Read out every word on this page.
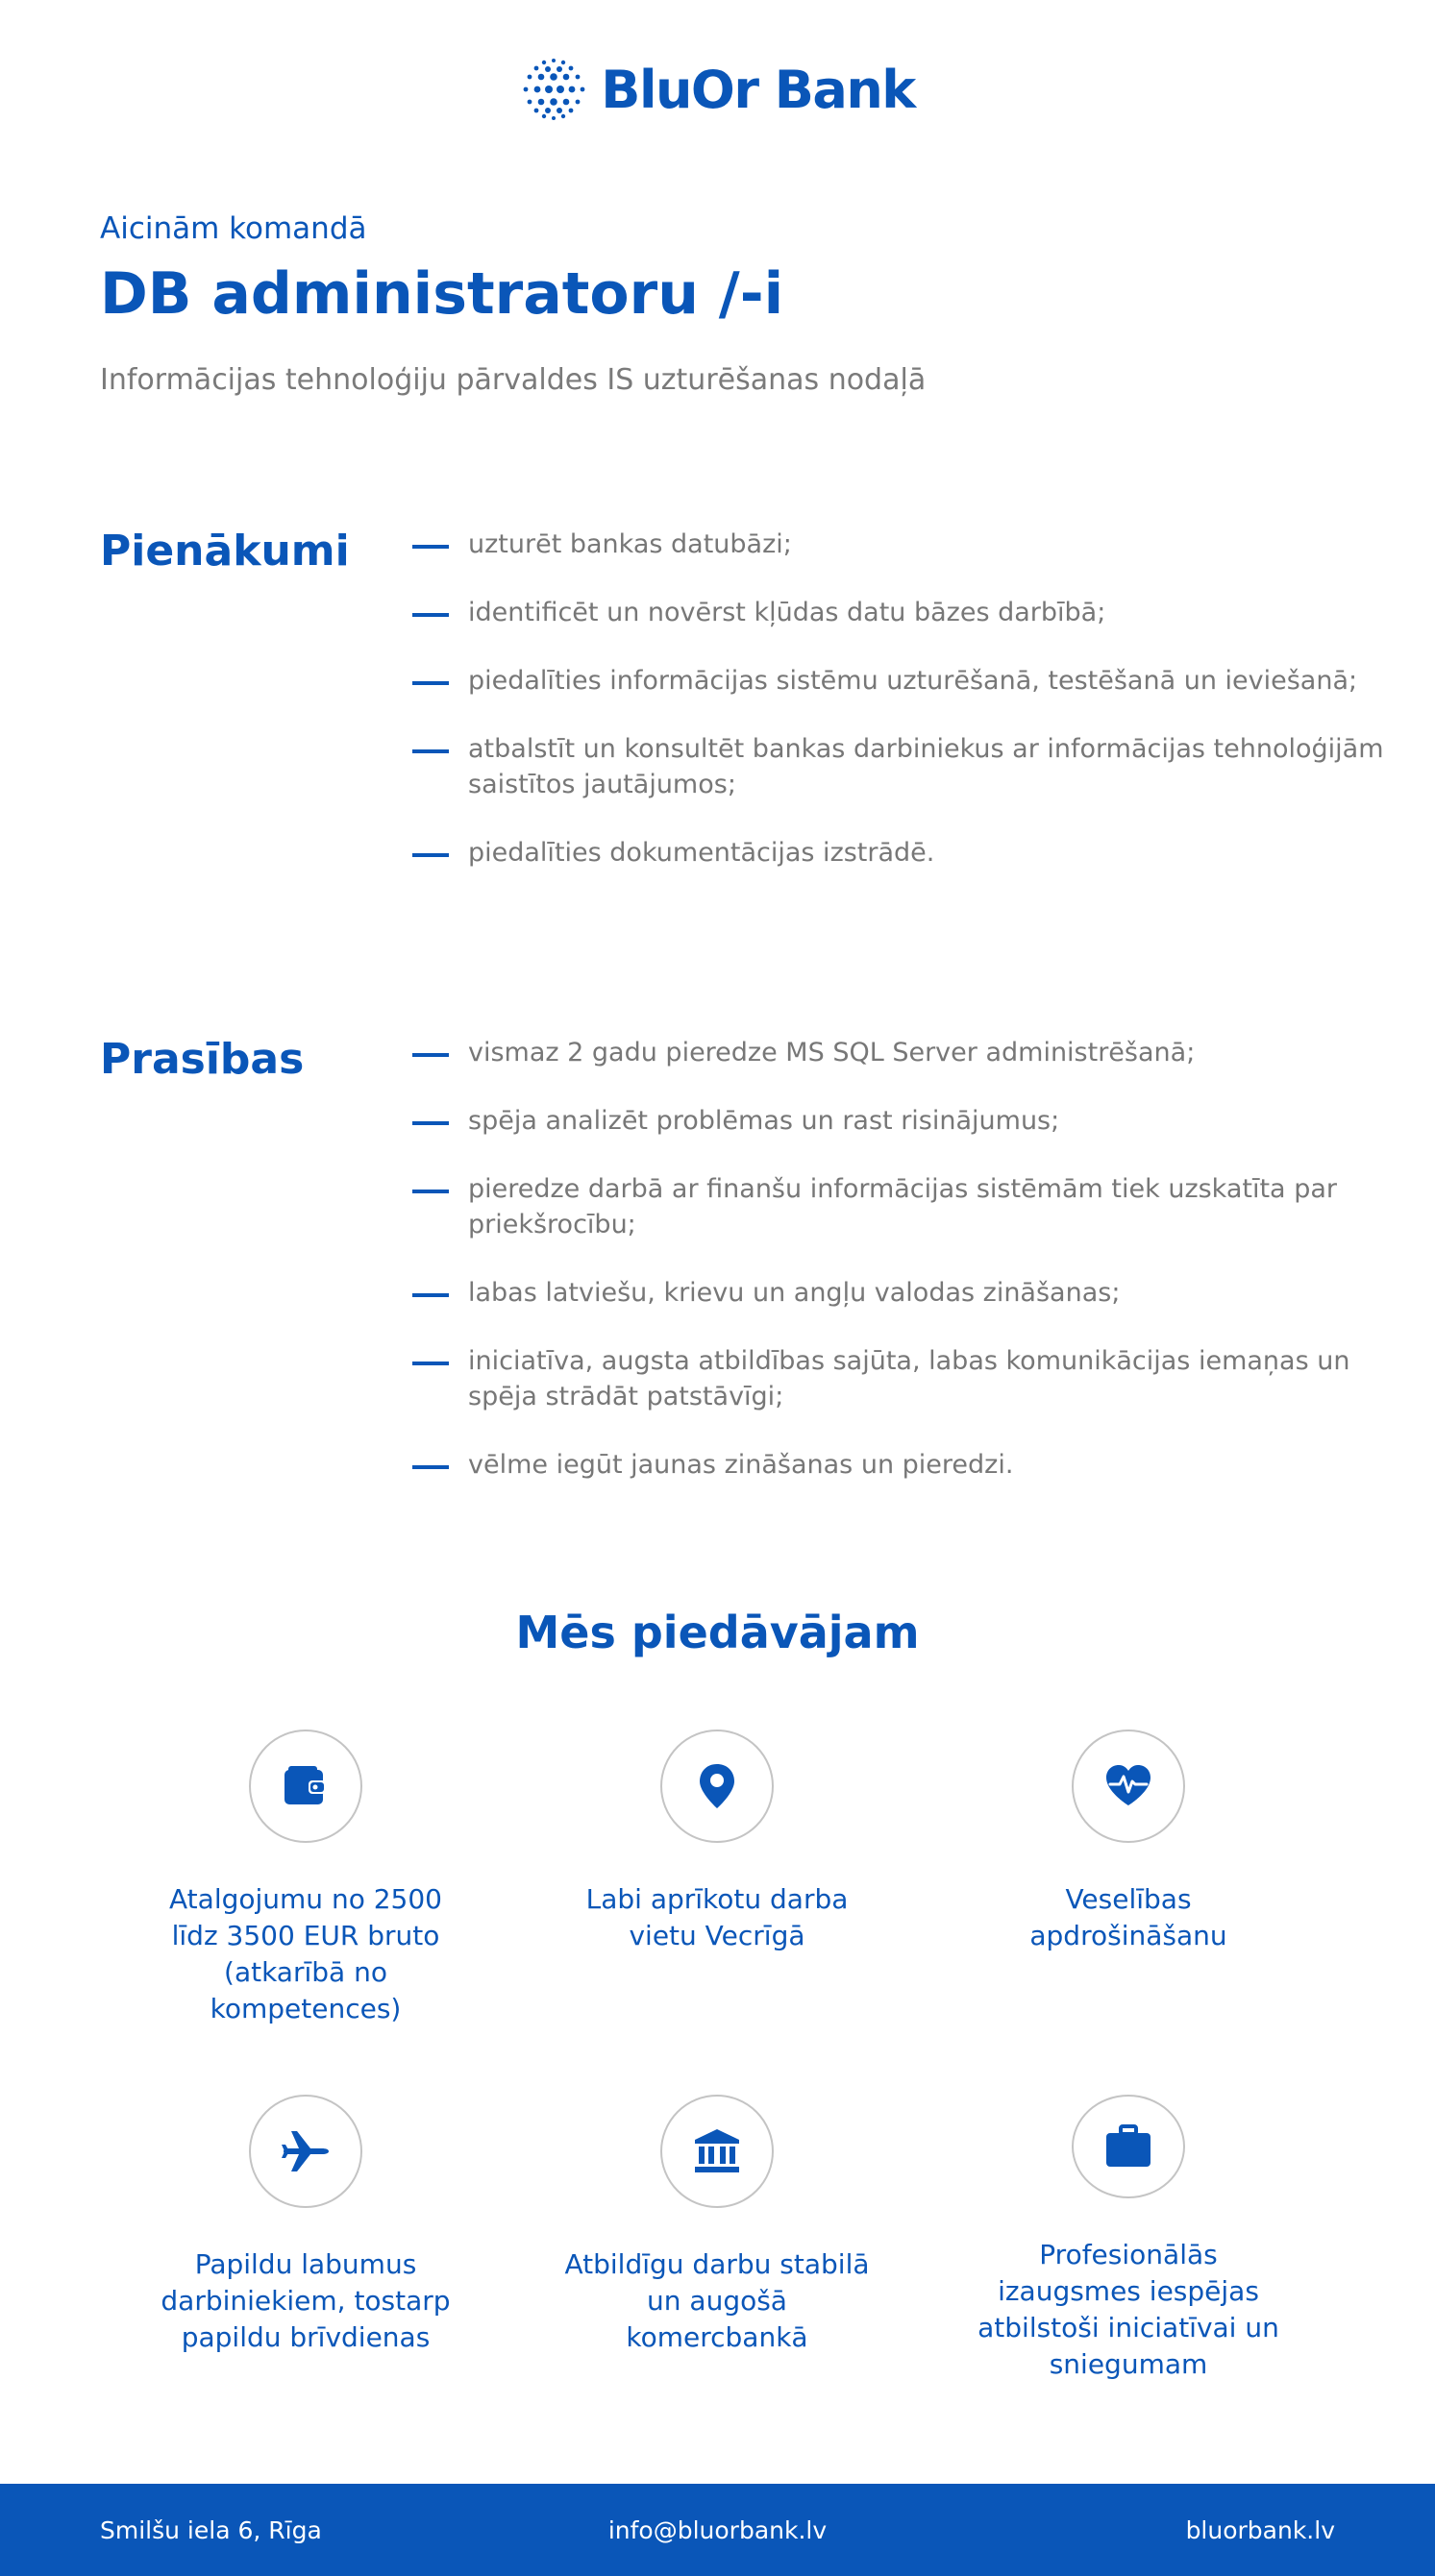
BluOr Bank

Aicinām komandā

DB administratoru /-i

Informācijas tehnoloģiju pārvaldes IS uzturēšanas nodaļā

Pienākumi	uzturēt bankas datubāzi;
identificēt un novērst kļūdas datu bāzes darbībā;
piedalīties informācijas sistēmu uzturēšanā, testēšanā un ieviešanā;
atbalstīt un konsultēt bankas darbiniekus ar informācijas tehnoloģijām saistītos jautājumos;
piedalīties dokumentācijas izstrādē.
Prasības	vismaz 2 gadu pieredze MS SQL Server administrēšanā;
spēja analizēt problēmas un rast risinājumus;
pieredze darbā ar finanšu informācijas sistēmām tiek uzskatīta par priekšrocību;
labas latviešu, krievu un angļu valodas zināšanas;
iniciatīva, augsta atbildības sajūta, labas komunikācijas iemaņas un spēja strādāt patstāvīgi;
vēlme iegūt jaunas zināšanas un pieredzi.
Mēs piedāvājam
Atalgojumu no 2500 līdz 3500 EUR bruto (atkarībā no kompetences)
Labi aprīkotu darba vietu Vecrīgā
Veselības apdrošināšanu
Papildu labumus darbiniekiem, tostarp papildu brīvdienas
Atbildīgu darbu stabilā un augošā komercbankā
Profesionālās izaugsmes iespējas atbilstoši iniciatīvai un sniegumam
Smilšu iela 6, Rīga	info@bluorbank.lv	bluorbank.lv
